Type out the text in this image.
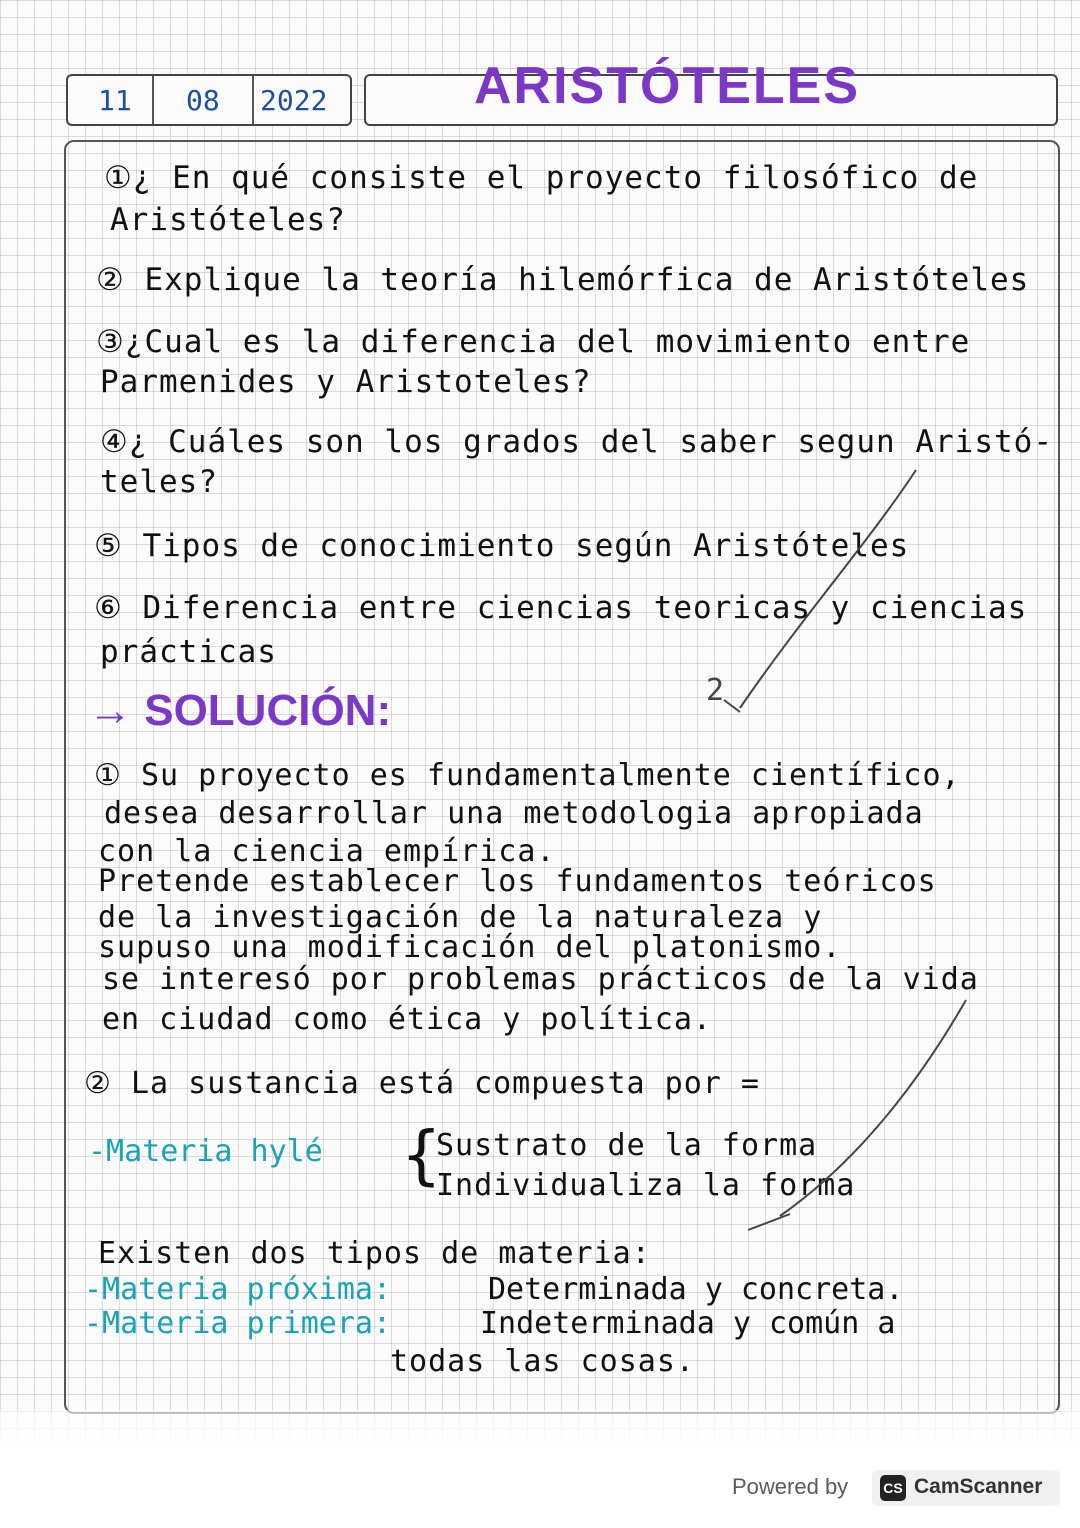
11 08 2022	ARISTÓTELES
①¿ En qué consiste el proyecto filosófico de
Aristóteles?
② Explique la teoría hilemórfica de Aristóteles
③¿Cual es la diferencia del movimiento entre
Parmenides y Aristoteles?
④¿ Cuáles son los grados del saber segun Aristó-
teles?
⑤ Tipos de conocimiento según Aristóteles
⑥ Diferencia entre ciencias teoricas y ciencias
prácticas
→ SOLUCIÓN:
① Su proyecto es fundamentalmente científico,
desea desarrollar una metodologia apropiada
con la ciencia empírica.
Pretende establecer los fundamentos teóricos
de la investigación de la naturaleza y
supuso una modificación del platonismo.
se interesó por problemas prácticos de la vida
en ciudad como ética y política.
② La sustancia está compuesta por =
-Materia hylé {
Sustrato de la forma
Individualiza la forma
Existen dos tipos de materia:
-Materia próxima:	Determinada y concreta.
-Materia primera:	Indeterminada y común a
todas las cosas.
2
Powered by	CS CamScanner
